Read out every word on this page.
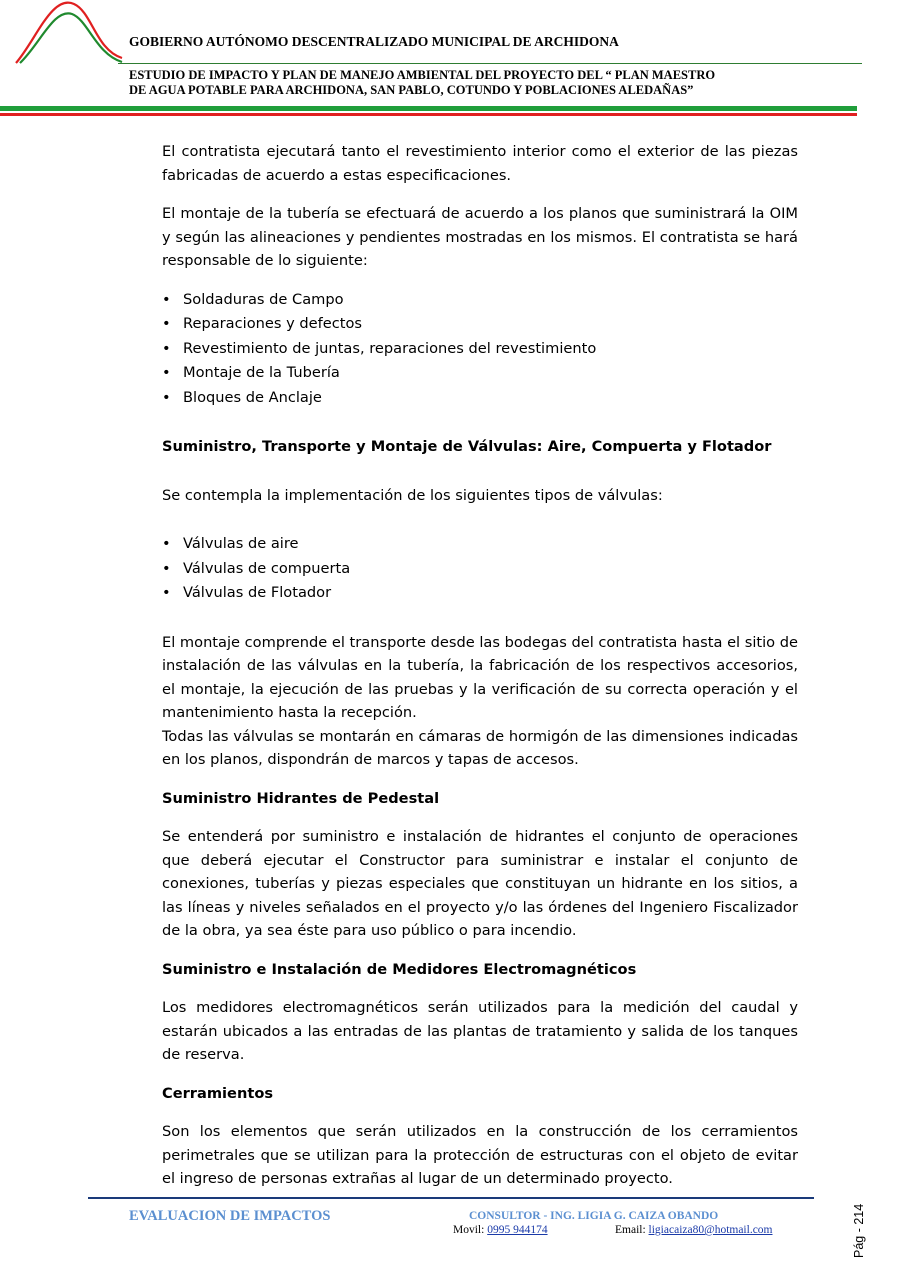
GOBIERNO AUTÓNOMO DESCENTRALIZADO MUNICIPAL DE ARCHIDONA
ESTUDIO DE IMPACTO Y PLAN DE MANEJO AMBIENTAL DEL PROYECTO DEL “ PLAN MAESTRO
DE AGUA POTABLE PARA ARCHIDONA, SAN PABLO, COTUNDO Y POBLACIONES ALEDAÑAS”

El contratista ejecutará tanto el revestimiento interior como el exterior de las piezas fabricadas de acuerdo a estas especificaciones.

El montaje de la tubería se efectuará de acuerdo a los planos que suministrará la OIM y según las alineaciones y pendientes mostradas en los mismos. El contratista se hará responsable de lo siguiente:

• Soldaduras de Campo
• Reparaciones y defectos
• Revestimiento de juntas, reparaciones del revestimiento
• Montaje de la Tubería
• Bloques de Anclaje
Suministro, Transporte y Montaje de Válvulas: Aire, Compuerta y Flotador

Se contempla la implementación de los siguientes tipos de válvulas:

• Válvulas de aire
• Válvulas de compuerta
• Válvulas de Flotador

El montaje comprende el transporte desde las bodegas del contratista hasta el sitio de instalación de las válvulas en la tubería, la fabricación de los respectivos accesorios, el montaje, la ejecución de las pruebas y la verificación de su correcta operación y el mantenimiento hasta la recepción.

Todas las válvulas se montarán en cámaras de hormigón de las dimensiones indicadas en los planos, dispondrán de marcos y tapas de accesos.

Suministro Hidrantes de Pedestal

Se entenderá por suministro e instalación de hidrantes el conjunto de operaciones que deberá ejecutar el Constructor para suministrar e instalar el conjunto de conexiones, tuberías y piezas especiales que constituyan un hidrante en los sitios, a las líneas y niveles señalados en el proyecto y/o las órdenes del Ingeniero Fiscalizador de la obra, ya sea éste para uso público o para incendio.

Suministro e Instalación de Medidores Electromagnéticos

Los medidores electromagnéticos serán utilizados para la medición del caudal y estarán ubicados a las entradas de las plantas de tratamiento y salida de los tanques de reserva.

Cerramientos

Son los elementos que serán utilizados en la construcción de los cerramientos perimetrales que se utilizan para la protección de estructuras con el objeto de evitar el ingreso de personas extrañas al lugar de un determinado proyecto.

EVALUACION DE IMPACTOS	CONSULTOR - ING. LIGIA G. CAIZA OBANDO
Movil: 0995 944174	Email: ligiacaiza80@hotmail.com	Pág - 214
